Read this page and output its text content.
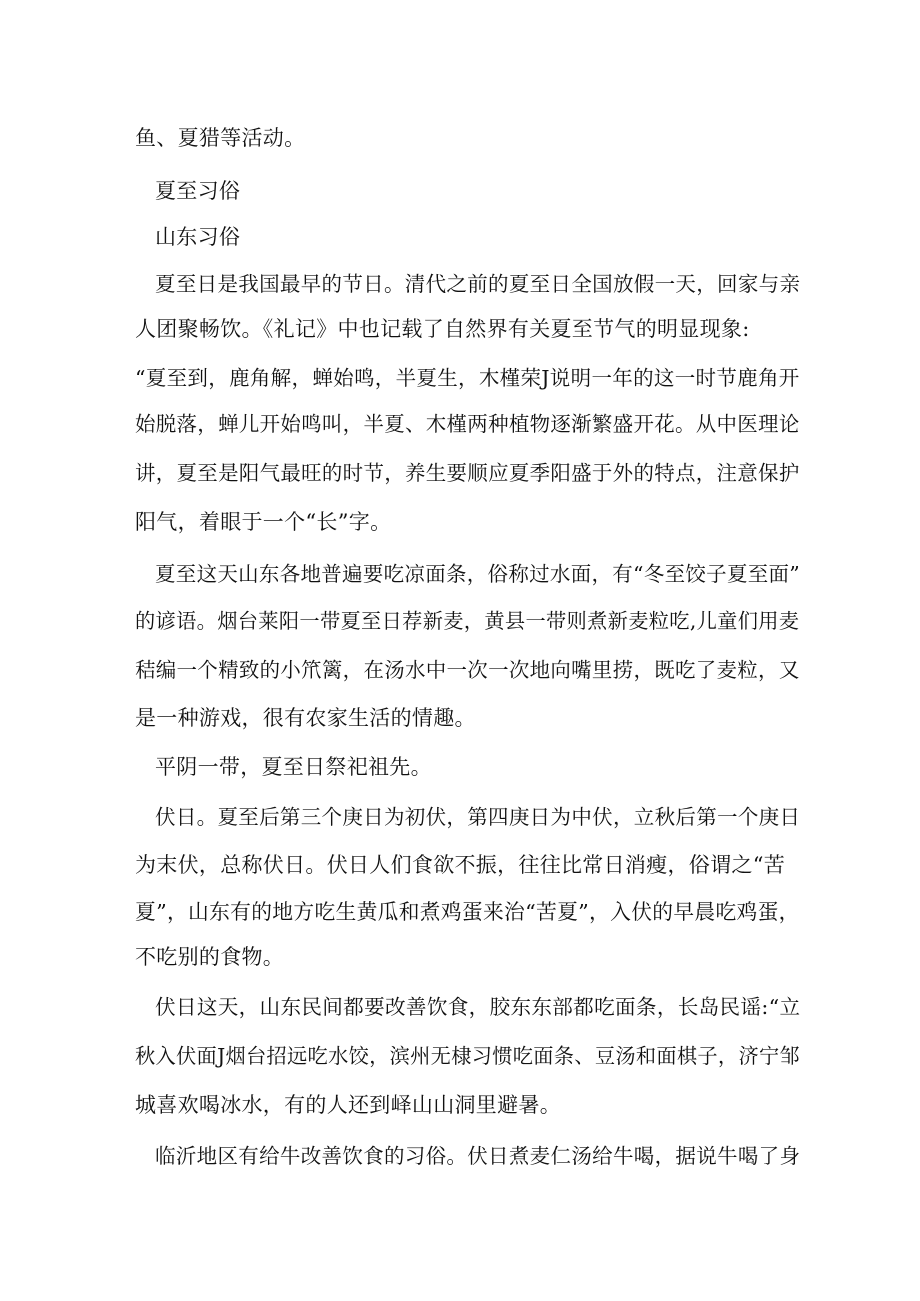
鱼、夏猎等活动。
夏至习俗
山东习俗
夏至日是我国最早的节日。清代之前的夏至日全国放假一天，回家与亲
人团聚畅饮。《礼记》中也记载了自然界有关夏至节气的明显现象:
“夏至到，鹿角解，蝉始鸣，半夏生，木槿荣J说明一年的这一时节鹿角开
始脱落，蝉儿开始鸣叫，半夏、木槿两种植物逐渐繁盛开花。从中医理论
讲，夏至是阳气最旺的时节，养生要顺应夏季阳盛于外的特点，注意保护
阳气，着眼于一个“长”字。
夏至这天山东各地普遍要吃凉面条，俗称过水面，有“冬至饺子夏至面”
的谚语。烟台莱阳一带夏至日荐新麦，黄县一带则煮新麦粒吃,儿童们用麦
秸编一个精致的小笊篱，在汤水中一次一次地向嘴里捞，既吃了麦粒，又
是一种游戏，很有农家生活的情趣。
平阴一带，夏至日祭祀祖先。
伏日。夏至后第三个庚日为初伏，第四庚日为中伏，立秋后第一个庚日
为末伏，总称伏日。伏日人们食欲不振，往往比常日消瘦，俗谓之“苦
夏”，山东有的地方吃生黄瓜和煮鸡蛋来治“苦夏”，入伏的早晨吃鸡蛋，
不吃别的食物。
伏日这天，山东民间都要改善饮食，胶东东部都吃面条，长岛民谣:“立
秋入伏面J烟台招远吃水饺，滨州无棣习惯吃面条、豆汤和面棋子，济宁邹
城喜欢喝冰水，有的人还到峄山山洞里避暑。
临沂地区有给牛改善饮食的习俗。伏日煮麦仁汤给牛喝，据说牛喝了身
